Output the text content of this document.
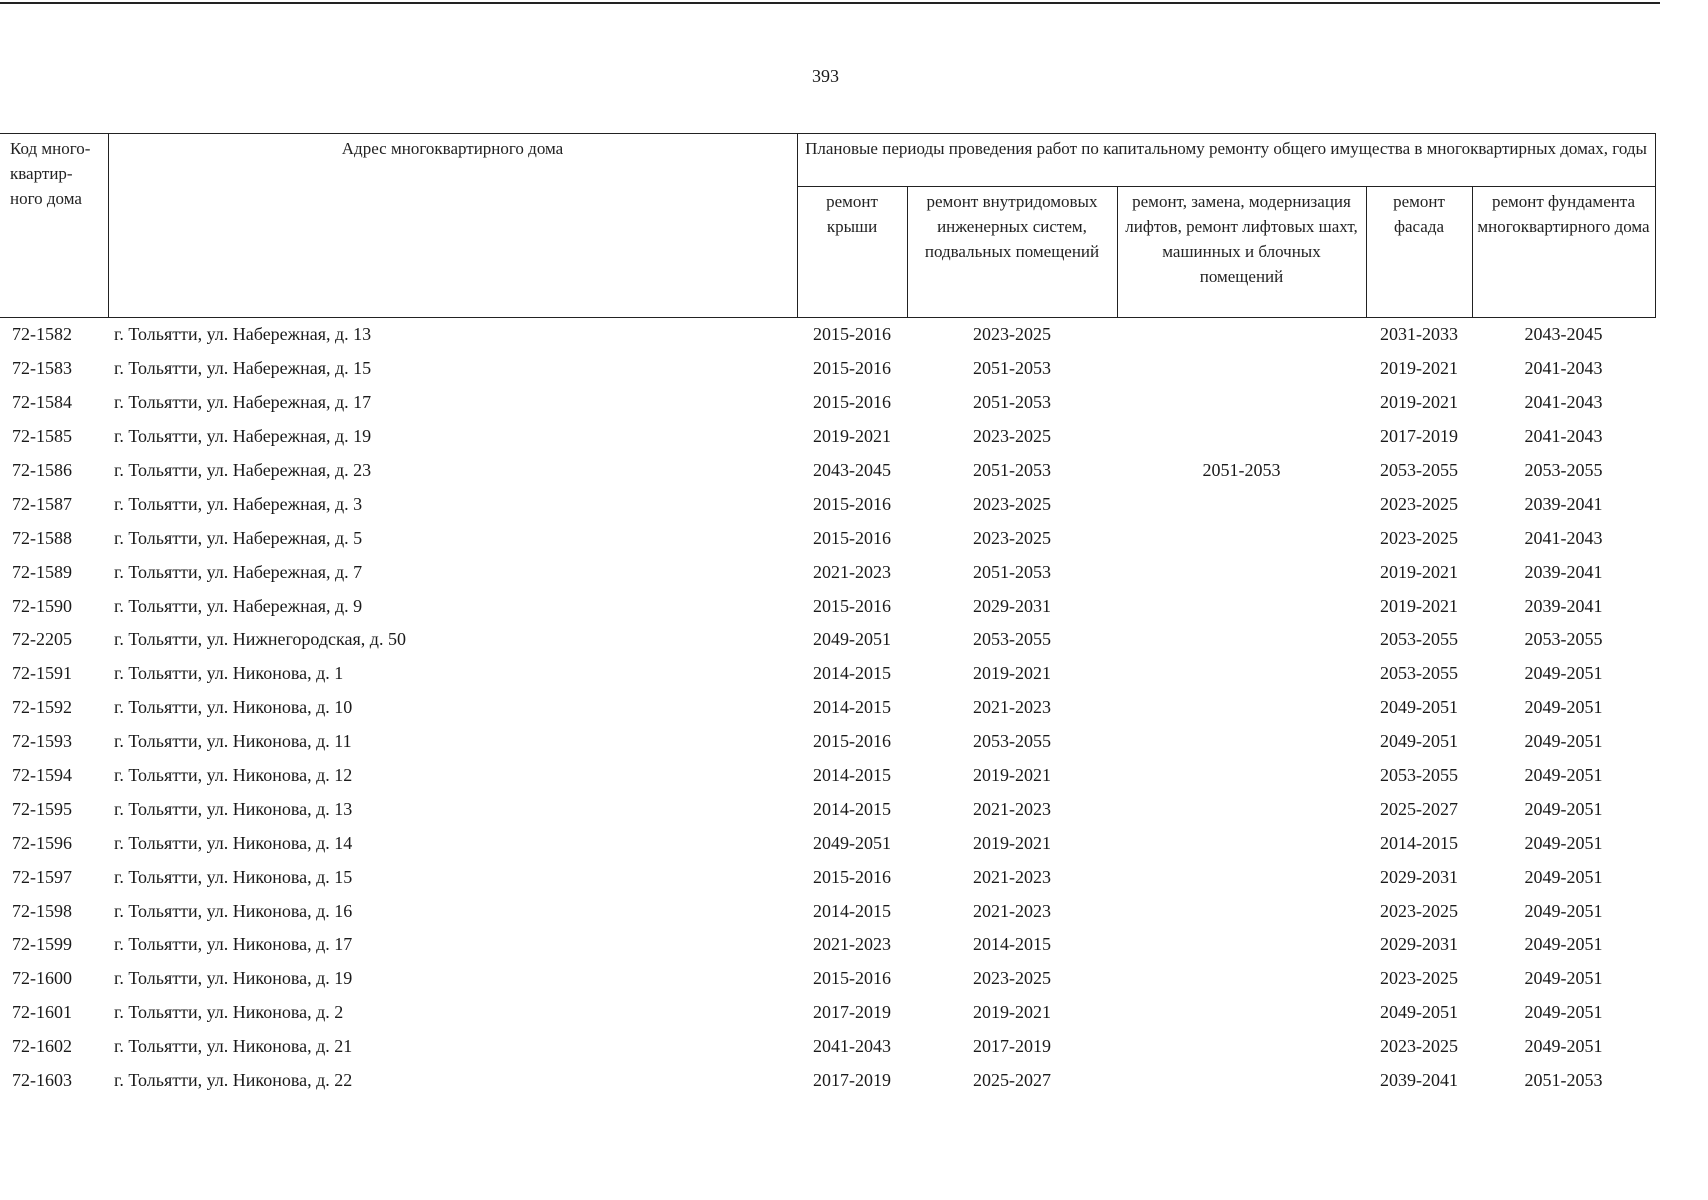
393
Код много-квартир-ного дома	Адрес многоквартирного дома	Плановые периоды проведения работ по капитальному ремонту общего имущества в многоквартирных домах, годы				
		ремонт крыши	ремонт внутридомовых инженерных систем, подвальных помещений	ремонт, замена, модернизация лифтов, ремонт лифтовых шахт, машинных и блочных помещений	ремонт фасада	ремонт фундамента многоквартирного дома
72-1582	г. Тольятти, ул. Набережная, д. 13	2015-2016	2023-2025		2031-2033	2043-2045
72-1583	г. Тольятти, ул. Набережная, д. 15	2015-2016	2051-2053		2019-2021	2041-2043
72-1584	г. Тольятти, ул. Набережная, д. 17	2015-2016	2051-2053		2019-2021	2041-2043
72-1585	г. Тольятти, ул. Набережная, д. 19	2019-2021	2023-2025		2017-2019	2041-2043
72-1586	г. Тольятти, ул. Набережная, д. 23	2043-2045	2051-2053	2051-2053	2053-2055	2053-2055
72-1587	г. Тольятти, ул. Набережная, д. 3	2015-2016	2023-2025		2023-2025	2039-2041
72-1588	г. Тольятти, ул. Набережная, д. 5	2015-2016	2023-2025		2023-2025	2041-2043
72-1589	г. Тольятти, ул. Набережная, д. 7	2021-2023	2051-2053		2019-2021	2039-2041
72-1590	г. Тольятти, ул. Набережная, д. 9	2015-2016	2029-2031		2019-2021	2039-2041
72-2205	г. Тольятти, ул. Нижнегородская, д. 50	2049-2051	2053-2055		2053-2055	2053-2055
72-1591	г. Тольятти, ул. Никонова, д. 1	2014-2015	2019-2021		2053-2055	2049-2051
72-1592	г. Тольятти, ул. Никонова, д. 10	2014-2015	2021-2023		2049-2051	2049-2051
72-1593	г. Тольятти, ул. Никонова, д. 11	2015-2016	2053-2055		2049-2051	2049-2051
72-1594	г. Тольятти, ул. Никонова, д. 12	2014-2015	2019-2021		2053-2055	2049-2051
72-1595	г. Тольятти, ул. Никонова, д. 13	2014-2015	2021-2023		2025-2027	2049-2051
72-1596	г. Тольятти, ул. Никонова, д. 14	2049-2051	2019-2021		2014-2015	2049-2051
72-1597	г. Тольятти, ул. Никонова, д. 15	2015-2016	2021-2023		2029-2031	2049-2051
72-1598	г. Тольятти, ул. Никонова, д. 16	2014-2015	2021-2023		2023-2025	2049-2051
72-1599	г. Тольятти, ул. Никонова, д. 17	2021-2023	2014-2015		2029-2031	2049-2051
72-1600	г. Тольятти, ул. Никонова, д. 19	2015-2016	2023-2025		2023-2025	2049-2051
72-1601	г. Тольятти, ул. Никонова, д. 2	2017-2019	2019-2021		2049-2051	2049-2051
72-1602	г. Тольятти, ул. Никонова, д. 21	2041-2043	2017-2019		2023-2025	2049-2051
72-1603	г. Тольятти, ул. Никонова, д. 22	2017-2019	2025-2027		2039-2041	2051-2053
